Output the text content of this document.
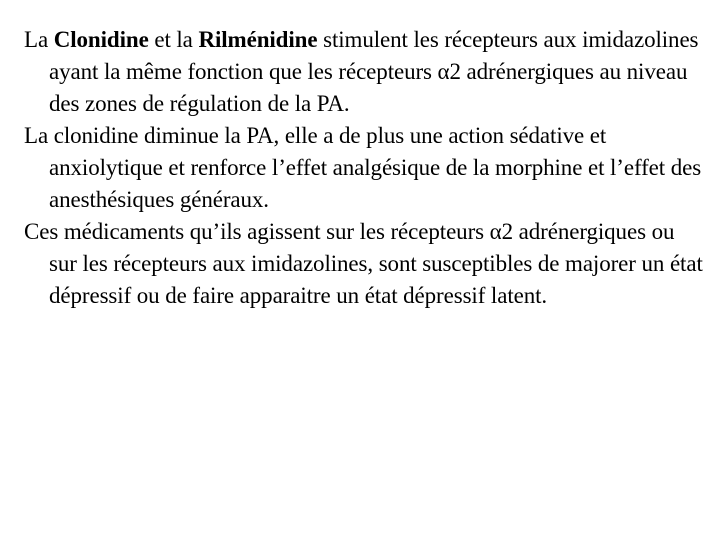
La Clonidine et la Rilménidine stimulent les récepteurs aux imidazolines ayant la même fonction que les récepteurs α2 adrénergiques au niveau des zones de régulation de la PA.

La clonidine diminue la PA, elle a de plus une action sédative et anxiolytique et renforce l’effet analgésique de la morphine et l’effet des anesthésiques généraux.

Ces médicaments qu’ils agissent sur les récepteurs α2 adrénergiques ou sur les récepteurs aux imidazolines, sont susceptibles de majorer un état dépressif ou de faire apparaitre un état dépressif latent.
